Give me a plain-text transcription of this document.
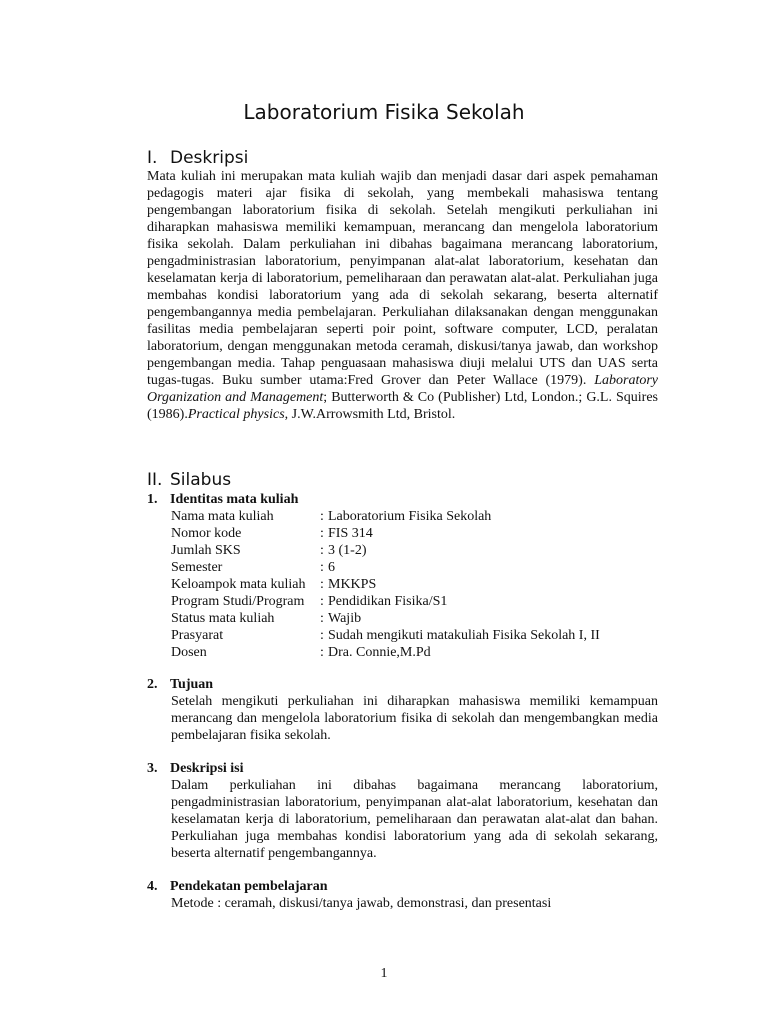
Laboratorium Fisika Sekolah
I. Deskripsi

Mata kuliah ini merupakan mata kuliah wajib dan menjadi dasar dari aspek pemahaman pedagogis materi ajar fisika di sekolah, yang membekali mahasiswa tentang pengembangan laboratorium fisika di sekolah. Setelah mengikuti perkuliahan ini diharapkan mahasiswa memiliki kemampuan, merancang dan mengelola laboratorium fisika sekolah. Dalam perkuliahan ini dibahas bagaimana merancang laboratorium, pengadministrasian laboratorium, penyimpanan alat-alat laboratorium, kesehatan dan keselamatan kerja di laboratorium, pemeliharaan dan perawatan alat-alat. Perkuliahan juga membahas kondisi laboratorium yang ada di sekolah sekarang, beserta alternatif pengembangannya media pembelajaran. Perkuliahan dilaksanakan dengan menggunakan fasilitas media pembelajaran seperti poir point, software computer, LCD, peralatan laboratorium, dengan menggunakan metoda ceramah, diskusi/tanya jawab, dan workshop pengembangan media. Tahap penguasaan mahasiswa diuji melalui UTS dan UAS serta tugas-tugas. Buku sumber utama:Fred Grover dan Peter Wallace (1979). Laboratory Organization and Management; Butterworth & Co (Publisher) Ltd, London.; G.L. Squires (1986).Practical physics, J.W.Arrowsmith Ltd, Bristol.

II. Silabus
1. Identitas mata kuliah
Nama mata kuliah	: Laboratorium Fisika Sekolah
Nomor kode	: FIS 314
Jumlah SKS	: 3 (1-2)
Semester	: 6
Keloampok mata kuliah	: MKKPS
Program Studi/Program	: Pendidikan Fisika/S1
Status mata kuliah	: Wajib
Prasyarat	: Sudah mengikuti matakuliah Fisika Sekolah I, II
Dosen	: Dra. Connie,M.Pd
2. Tujuan
Setelah mengikuti perkuliahan ini diharapkan mahasiswa memiliki kemampuan merancang dan mengelola laboratorium fisika di sekolah dan mengembangkan media pembelajaran fisika sekolah.
3. Deskripsi isi
Dalam perkuliahan ini dibahas bagaimana merancang laboratorium, pengadministrasian laboratorium, penyimpanan alat-alat laboratorium, kesehatan dan keselamatan kerja di laboratorium, pemeliharaan dan perawatan alat-alat dan bahan. Perkuliahan juga membahas kondisi laboratorium yang ada di sekolah sekarang, beserta alternatif pengembangannya.
4. Pendekatan pembelajaran
Metode : ceramah, diskusi/tanya jawab, demonstrasi, dan presentasi
1
